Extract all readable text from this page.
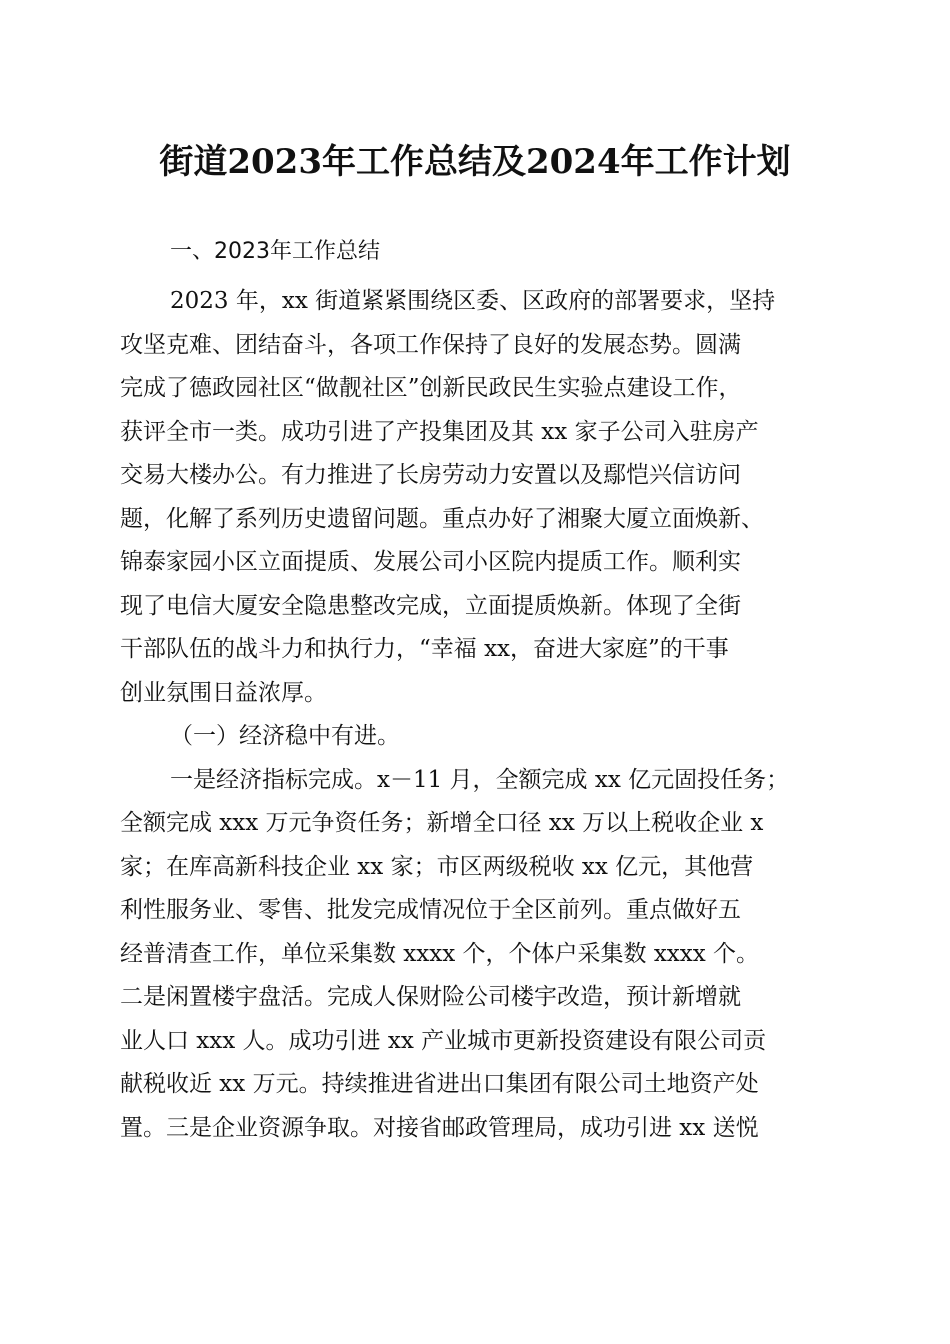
街道2023年工作总结及2024年工作计划
一、2023年工作总结
2023 年，xx 街道紧紧围绕区委、区政府的部署要求，坚持
攻坚克难、团结奋斗，各项工作保持了良好的发展态势。圆满
完成了德政园社区“做靓社区”创新民政民生实验点建设工作，
获评全市一类。成功引进了产投集团及其 xx 家子公司入驻房产
交易大楼办公。有力推进了长房劳动力安置以及鄢恺兴信访问
题，化解了系列历史遗留问题。重点办好了湘聚大厦立面焕新、
锦泰家园小区立面提质、发展公司小区院内提质工作。顺利实
现了电信大厦安全隐患整改完成，立面提质焕新。体现了全街
干部队伍的战斗力和执行力，“幸福 xx，奋进大家庭”的干事
创业氛围日益浓厚。
（一）经济稳中有进。
一是经济指标完成。x－11 月，全额完成 xx 亿元固投任务；
全额完成 xxx 万元争资任务；新增全口径 xx 万以上税收企业 x
家；在库高新科技企业 xx 家；市区两级税收 xx 亿元，其他营
利性服务业、零售、批发完成情况位于全区前列。重点做好五
经普清查工作，单位采集数 xxxx 个，个体户采集数 xxxx 个。
二是闲置楼宇盘活。完成人保财险公司楼宇改造，预计新增就
业人口 xxx 人。成功引进 xx 产业城市更新投资建设有限公司贡
献税收近 xx 万元。持续推进省进出口集团有限公司土地资产处
置。三是企业资源争取。对接省邮政管理局，成功引进 xx 送悦
